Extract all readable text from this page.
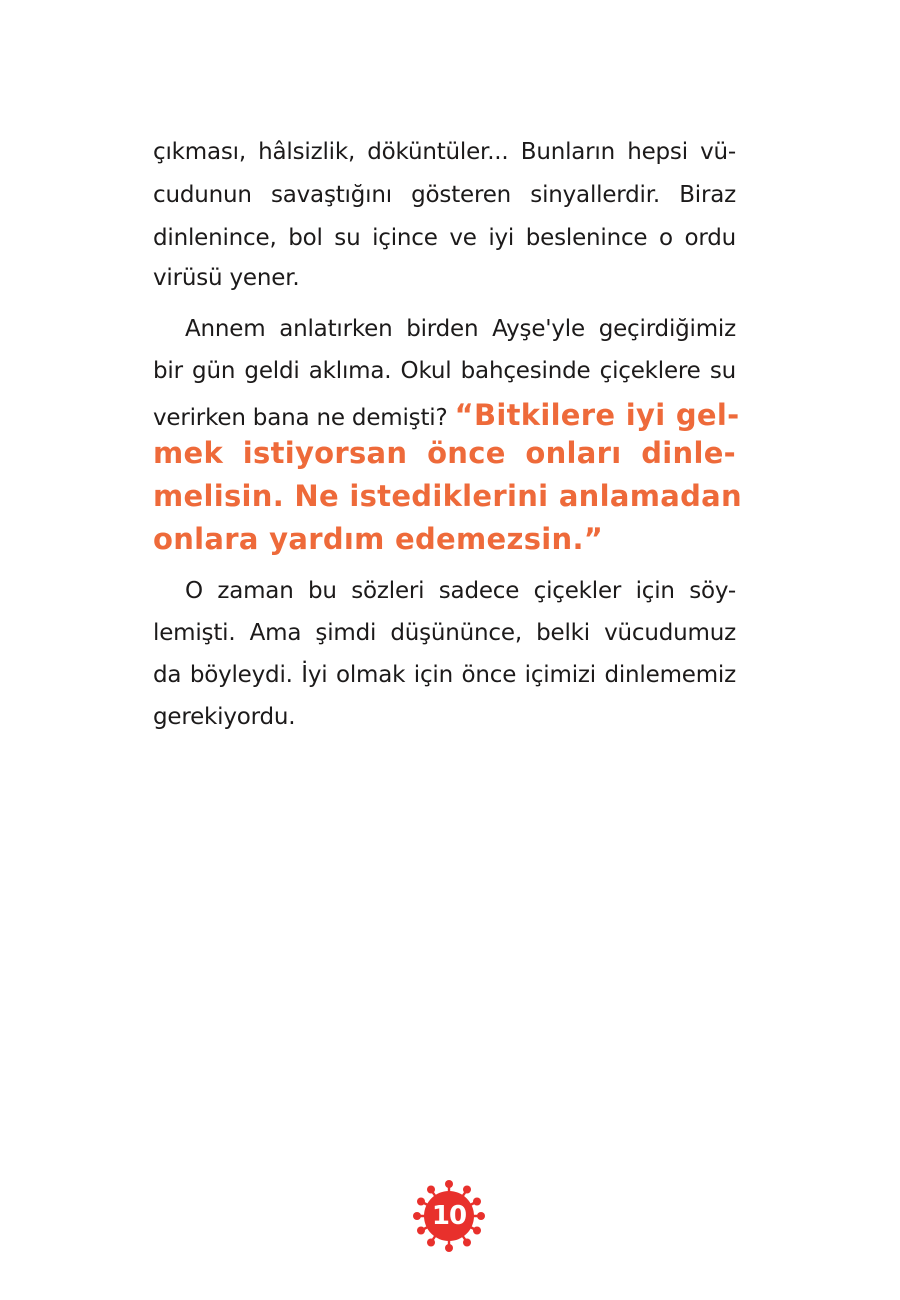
çıkması, hâlsizlik, döküntüler... Bunların hepsi vü-
cudunun savaştığını gösteren sinyallerdir. Biraz
dinlenince, bol su içince ve iyi beslenince o ordu
virüsü yener.
Annem anlatırken birden Ayşe'yle geçirdiğimiz
bir gün geldi aklıma. Okul bahçesinde çiçeklere su
verirken bana ne demişti? “Bitkilere iyi gel-
mek istiyorsan önce onları dinle-
melisin. Ne istediklerini anlamadan
onlara yardım edemezsin.”
O zaman bu sözleri sadece çiçekler için söy-
lemişti. Ama şimdi düşününce, belki vücudumuz
da böyleydi. İyi olmak için önce içimizi dinlememiz
gerekiyordu.
10
